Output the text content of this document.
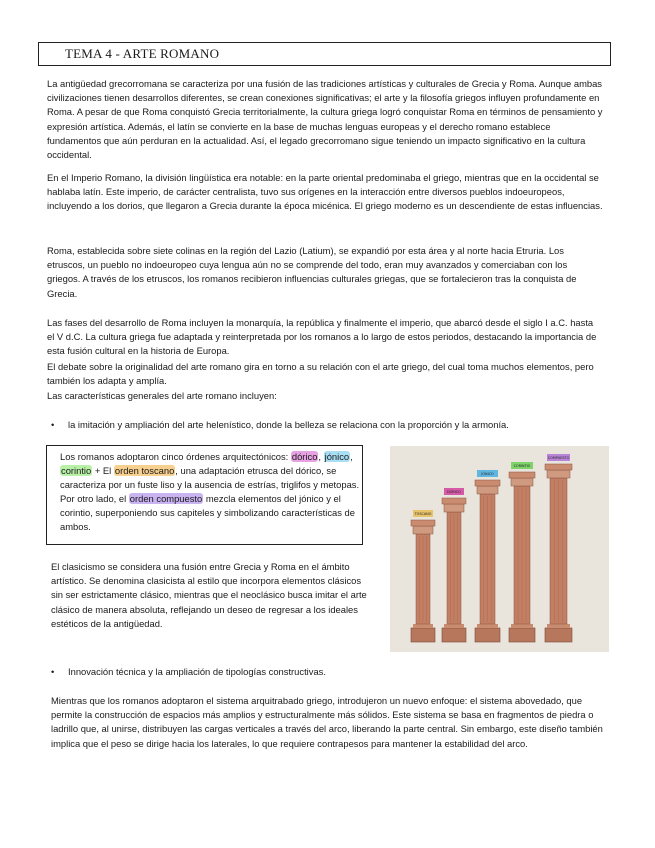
TEMA 4 - ARTE ROMANO

La antigüedad grecorromana se caracteriza por una fusión de las tradiciones artísticas y culturales de Grecia y Roma. Aunque ambas civilizaciones tienen desarrollos diferentes, se crean conexiones significativas; el arte y la filosofía griegos influyen profundamente en Roma. A pesar de que Roma conquistó Grecia territorialmente, la cultura griega logró conquistar Roma en términos de pensamiento y expresión artística. Además, el latín se convierte en la base de muchas lenguas europeas y el derecho romano establece fundamentos que aún perduran en la actualidad. Así, el legado grecorromano sigue teniendo un impacto significativo en la cultura occidental.

En el Imperio Romano, la división lingüística era notable: en la parte oriental predominaba el griego, mientras que en la occidental se hablaba latín. Este imperio, de carácter centralista, tuvo sus orígenes en la interacción entre diversos pueblos indoeuropeos, incluyendo a los dorios, que llegaron a Grecia durante la época micénica. El griego moderno es un descendiente de estas influencias.

Roma, establecida sobre siete colinas en la región del Lazio (Latium), se expandió por esta área y al norte hacia Etruria. Los etruscos, un pueblo no indoeuropeo cuya lengua aún no se comprende del todo, eran muy avanzados y comerciaban con los griegos. A través de los etruscos, los romanos recibieron influencias culturales griegas, que se fortalecieron tras la conquista de Grecia.

Las fases del desarrollo de Roma incluyen la monarquía, la república y finalmente el imperio, que abarcó desde el siglo I a.C. hasta el V d.C. La cultura griega fue adaptada y reinterpretada por los romanos a lo largo de estos periodos, destacando la importancia de esta fusión cultural en la historia de Europa.

El debate sobre la originalidad del arte romano gira en torno a su relación con el arte griego, del cual toma muchos elementos, pero también los adapta y amplía.

Las características generales del arte romano incluyen:

• la imitación y ampliación del arte helenístico, donde la belleza se relaciona con la proporción y la armonía.
Los romanos adoptaron cinco órdenes arquitectónicos: dórico, jónico, corintio + El orden toscano, una adaptación etrusca del dórico, se caracteriza por un fuste liso y la ausencia de estrías, triglifos y metopas. Por otro lado, el orden compuesto mezcla elementos del jónico y el corintio, superponiendo sus capiteles y simbolizando características de ambos.
TOSCANO
DÓRICO
JÓNICO
CORINTIO
COMPUESTO

El clasicismo se considera una fusión entre Grecia y Roma en el ámbito artístico. Se denomina clasicista al estilo que incorpora elementos clásicos sin ser estrictamente clásico, mientras que el neoclásico busca imitar el arte clásico de manera absoluta, reflejando un deseo de regresar a los ideales estéticos de la antigüedad.

• Innovación técnica y la ampliación de tipologías constructivas.

Mientras que los romanos adoptaron el sistema arquitrabado griego, introdujeron un nuevo enfoque: el sistema abovedado, que permite la construcción de espacios más amplios y estructuralmente más sólidos. Este sistema se basa en fragmentos de piedra o ladrillo que, al unirse, distribuyen las cargas verticales a través del arco, liberando la parte central. Sin embargo, este diseño también implica que el peso se dirige hacia los laterales, lo que requiere contrapesos para mantener la estabilidad del arco.
